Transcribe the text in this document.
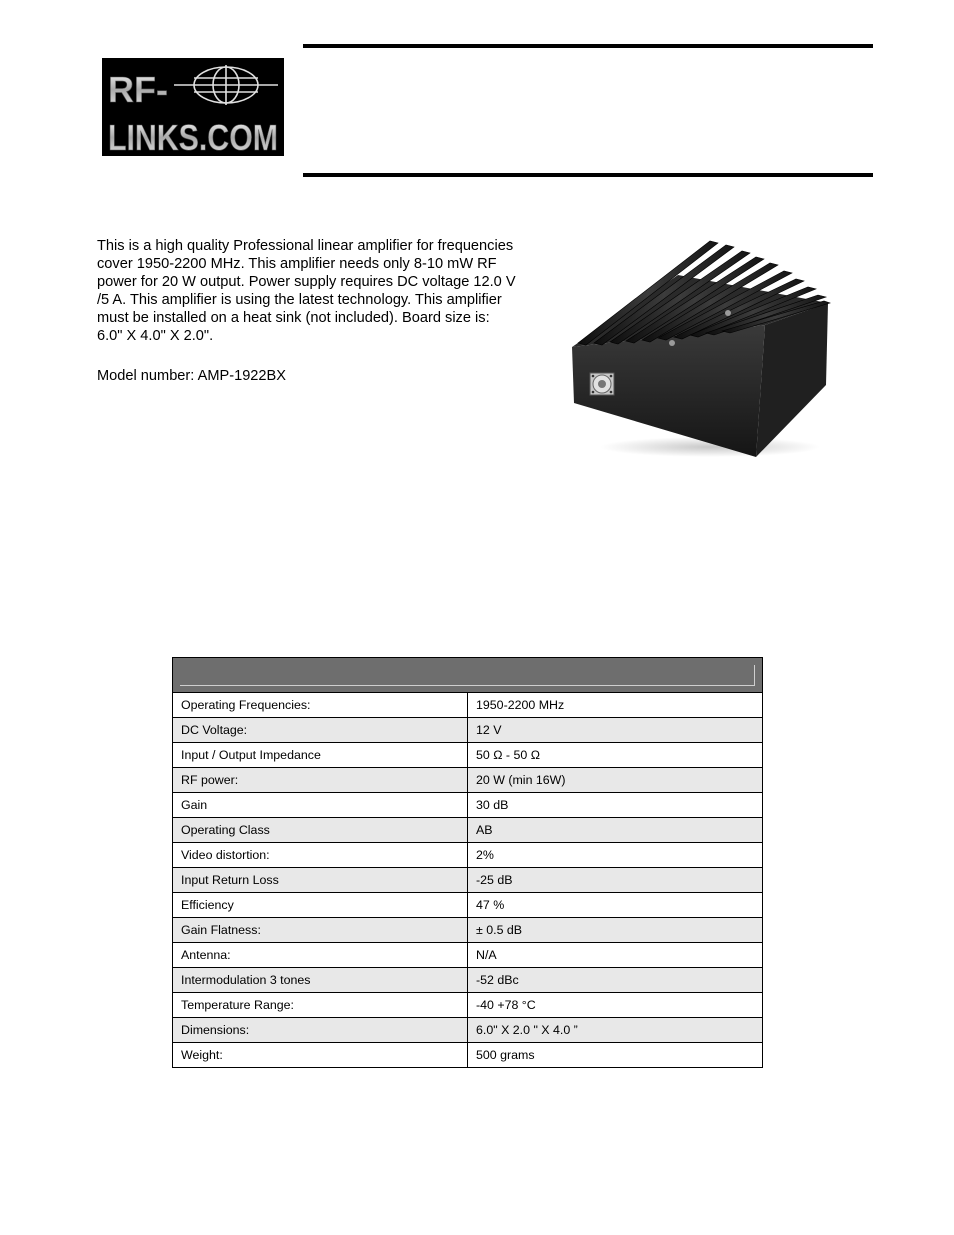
RF-
LINKS.COM

This is a high quality Professional linear amplifier for frequencies cover 1950-2200 MHz. This amplifier needs only 8-10 mW RF power for 20 W output. Power supply requires DC voltage 12.0 V /5 A. This amplifier is using the latest technology. This amplifier must be installed on a heat sink (not included). Board size is: 6.0" X 4.0" X 2.0".

Model number: AMP-1922BX

Operating Frequencies:	1950-2200 MHz
DC Voltage:	12 V
Input / Output Impedance	50 Ω - 50 Ω
RF power:	20 W (min 16W)
Gain	30 dB
Operating Class	AB
Video distortion:	2%
Input Return Loss	-25 dB
Efficiency	47 %
Gain Flatness:	± 0.5 dB
Antenna:	N/A
Intermodulation 3 tones	-52 dBc
Temperature Range:	-40 +78 °C
Dimensions:	6.0" X 2.0 " X 4.0 ”
Weight:	500 grams
